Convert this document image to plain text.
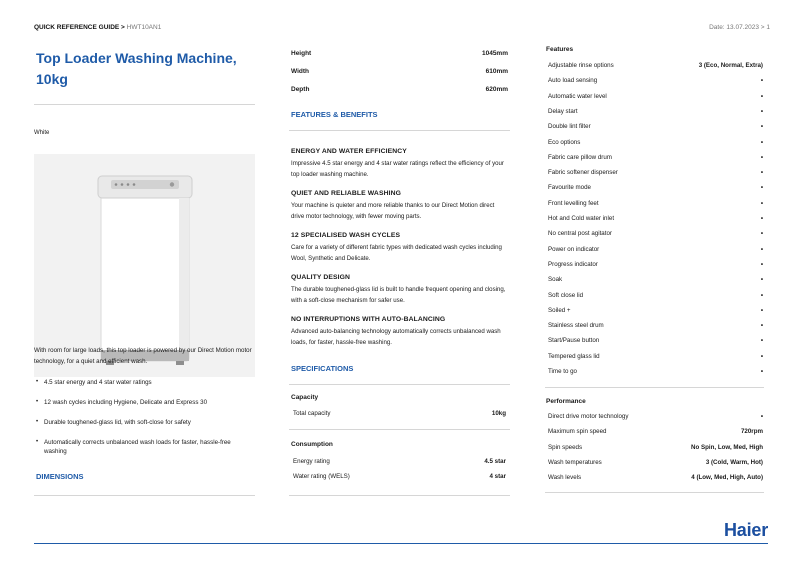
QUICK REFERENCE GUIDE > HWT10AN1	Date: 13.07.2023 > 1
Top Loader Washing Machine,
10kg
White

With room for large loads, this top loader is powered by our Direct Motion motor technology, for a quiet and efficient wash.

• 4.5 star energy and 4 star water ratings
• 12 wash cycles including Hygiene, Delicate and Express 30
• Durable toughened-glass lid, with soft-close for safety
• Automatically corrects unbalanced wash loads for faster, hassle-free washing
DIMENSIONS
Height	1045mm
Width	610mm
Depth	620mm
FEATURES & BENEFITS
ENERGY AND WATER EFFICIENCY

Impressive 4.5 star energy and 4 star water ratings reflect the efficiency of your top loader washing machine.

QUIET AND RELIABLE WASHING

Your machine is quieter and more reliable thanks to our Direct Motion direct drive motor technology, with fewer moving parts.

12 SPECIALISED WASH CYCLES

Care for a variety of different fabric types with dedicated wash cycles including Wool, Synthetic and Delicate.

QUALITY DESIGN

The durable toughened-glass lid is built to handle frequent opening and closing, with a soft-close mechanism for safer use.

NO INTERRUPTIONS WITH AUTO-BALANCING

Advanced auto-balancing technology automatically corrects unbalanced wash loads, for faster, hassle-free washing.

SPECIFICATIONS
Capacity
Total capacity	10kg
Consumption
Energy rating	4.5 star
Water rating (WELS)	4 star
Features
Adjustable rinse options	3 (Eco, Normal, Extra)
Auto load sensing	•
Automatic water level	•
Delay start	•
Double lint filter	•
Eco options	•
Fabric care pillow drum	•
Fabric softener dispenser	•
Favourite mode	•
Front levelling feet	•
Hot and Cold water inlet	•
No central post agitator	•
Power on indicator	•
Progress indicator	•
Soak	•
Soft close lid	•
Soiled +	•
Stainless steel drum	•
Start/Pause button	•
Tempered glass lid	•
Time to go	•
Performance
Direct drive motor technology	•
Maximum spin speed	720rpm
Spin speeds	No Spin, Low, Med, High
Wash temperatures	3 (Cold, Warm, Hot)
Wash levels	4 (Low, Med, High, Auto)
Haier
